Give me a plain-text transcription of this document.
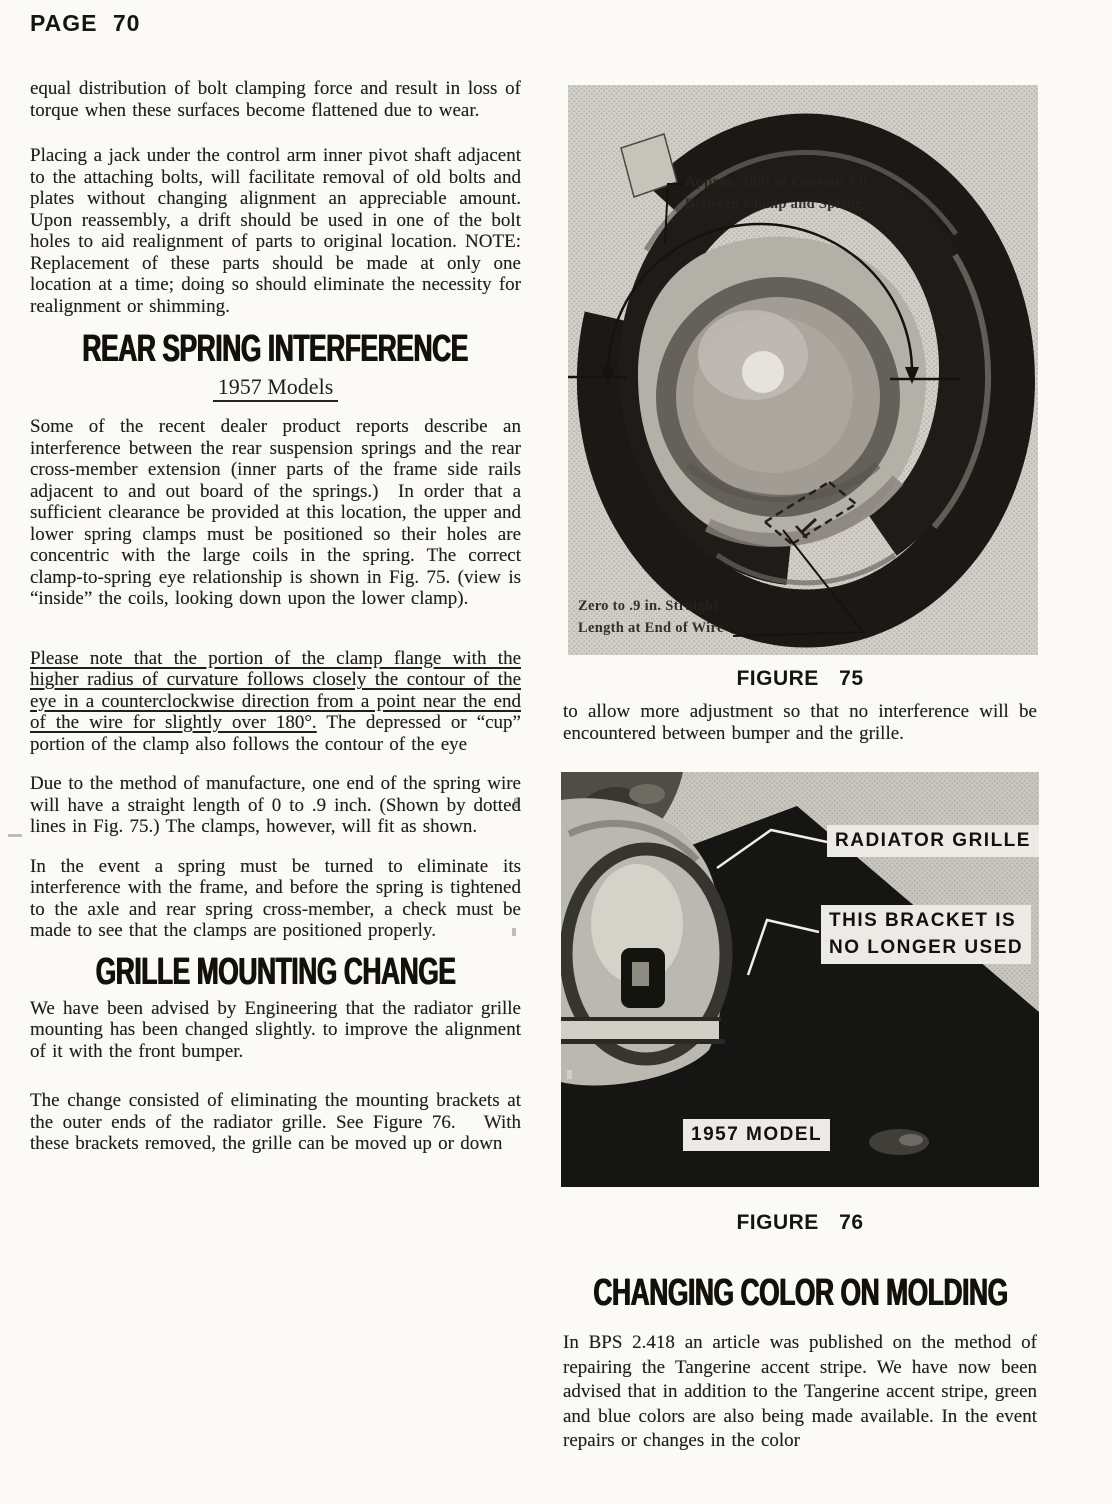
PAGE 70

equal distribution of bolt clamping force and result in loss of torque when these surfaces become flattened due to wear.

Placing a jack under the control arm inner pivot shaft adjacent to the attaching bolts, will facilitate removal of old bolts and plates without changing alignment an appreciable amount. Upon reassembly, a drift should be used in one of the bolt holes to aid realignment of parts to original location. NOTE: Replacement of these parts should be made at only one location at a time; doing so should eliminate the necessity for realignment or shimming.

REAR SPRING INTERFERENCE
1957 Models

Some of the recent dealer product reports describe an interference between the rear suspension springs and the rear cross-member extension (inner parts of the frame side rails adjacent to and out board of the springs.)  In order that a sufficient clearance be provided at this location, the upper and lower spring clamps must be positioned so their holes are concentric with the large coils in the spring. The correct clamp-to-spring eye relationship is shown in Fig. 75. (view is “inside” the coils, looking down upon the lower clamp).

Please note that the portion of the clamp flange with the higher radius of curvature follows closely the contour of the eye in a counterclockwise direction from a point near the end of the wire for slightly over 180°. The depressed or “cup” portion of the clamp also follows the contour of the eye

Due to the method of manufacture, one end of the spring wire will have a straight length of 0 to .9 inch. (Shown by dotted lines in Fig. 75.) The clamps, however, will fit as shown.

In the event a spring must be turned to eliminate its interference with the frame, and before the spring is tightened to the axle and rear spring cross-member, a check must be made to see that the clamps are positioned properly.

GRILLE MOUNTING CHANGE

We have been advised by Engineering that the radiator grille mounting has been changed slightly. to improve the alignment of it with the front bumper.

The change consisted of eliminating the mounting brackets at the outer ends of the radiator grille. See Figure 76.   With these brackets removed, the grille can be moved up or down

Approx. 180° of Contour Fit
Between Clamp and Spring
Zero to .9 in. Straight
Length at End of Wire
FIGURE 75

to allow more adjustment so that no interference will be encountered between bumper and the grille.

RADIATOR GRILLE
THIS BRACKET IS
NO LONGER USED
1957 MODEL
FIGURE 76
CHANGING COLOR ON MOLDING

In BPS 2.418 an article was published on the method of repairing the Tangerine accent stripe. We have now been advised that in addition to the Tangerine accent stripe, green and blue colors are also being made available. In the event repairs or changes in the color
